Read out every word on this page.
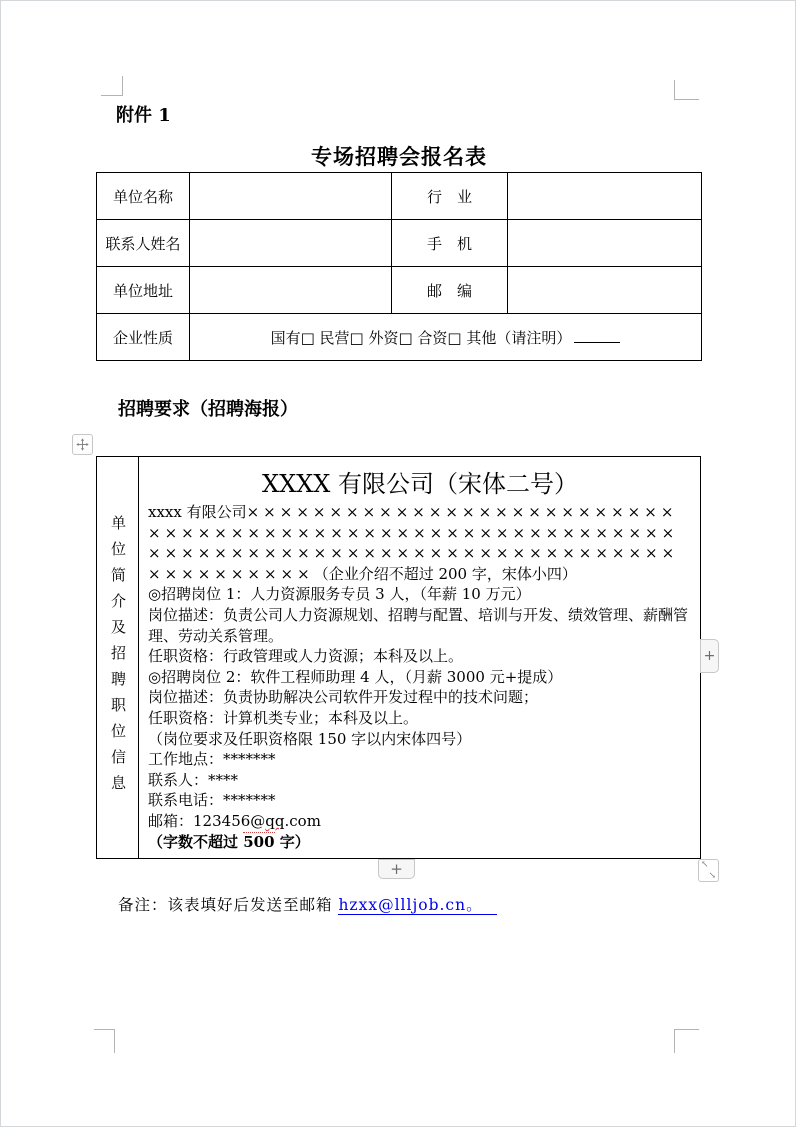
附件 1
专场招聘会报名表
单位名称		行　业	
联系人姓名		手　机	
单位地址		邮　编	
企业性质	国有□ 民营□ 外资□ 合资□ 其他（请注明）		
招聘要求（招聘海报）
单位简介及招聘职位信息
XXXX 有限公司（宋体二号）

xxxx 有限公司××××××××××××××××××××××××××××××××××××××××××××××××××××××××××××××××××××××××××××××××××××××××××××××××××××（企业介绍不超过 200 字，宋体小四）

◎招聘岗位 1：人力资源服务专员 3 人，（年薪 10 万元）

岗位描述：负责公司人力资源规划、招聘与配置、培训与开发、绩效管理、薪酬管理、劳动关系管理。

任职资格：行政管理或人力资源；本科及以上。

◎招聘岗位 2：软件工程师助理 4 人，（月薪 3000 元+提成）

岗位描述：负责协助解决公司软件开发过程中的技术问题；

任职资格：计算机类专业；本科及以上。

（岗位要求及任职资格限 150 字以内宋体四号）

工作地点：*******

联系人：****

联系电话：*******

邮箱：123456@qq.com

（字数不超过 500 字）

+
+
↖
↘
备注：该表填好后发送至邮箱 hzxx@llljob.cn。
